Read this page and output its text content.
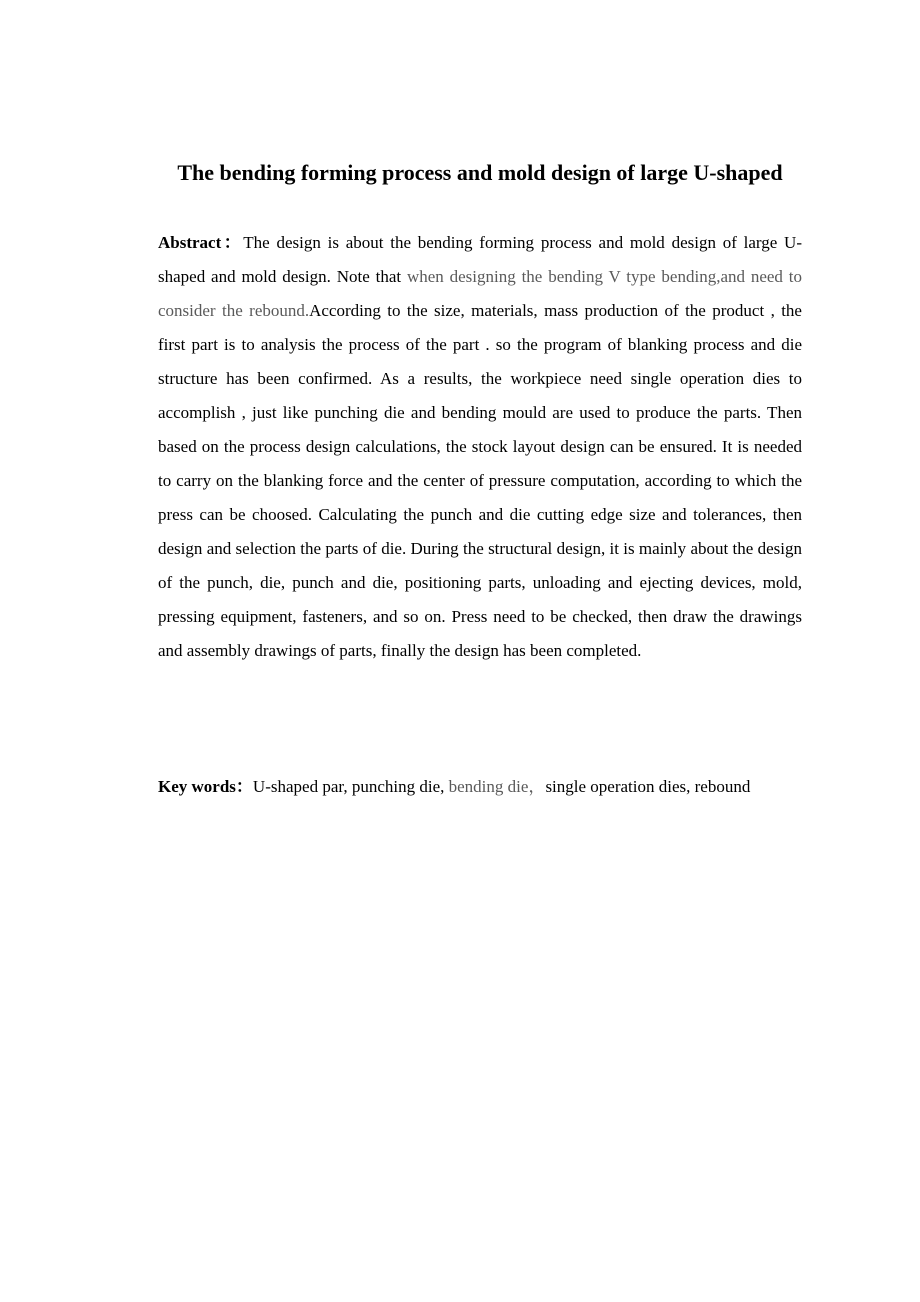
The bending forming process and mold design of large U-shaped
Abstract：The design is about the bending forming process and mold design of large U-shaped and mold design. Note that when designing the bending V type bending,and need to consider the rebound.According to the size, materials, mass production of the product , the first part is to analysis the process of the part . so the program of blanking process and die structure has been confirmed. As a results, the workpiece need single operation dies to accomplish , just like punching die and bending mould are used to produce the parts. Then based on the process design calculations, the stock layout design can be ensured. It is needed to carry on the blanking force and the center of pressure computation, according to which the press can be choosed. Calculating the punch and die cutting edge size and tolerances, then design and selection the parts of die. During the structural design, it is mainly about the design of the punch, die, punch and die, positioning parts, unloading and ejecting devices, mold, pressing equipment, fasteners, and so on. Press need to be checked, then draw the drawings and assembly drawings of parts, finally the design has been completed.
Key words：U-shaped par, punching die, bending die，single operation dies, rebound
